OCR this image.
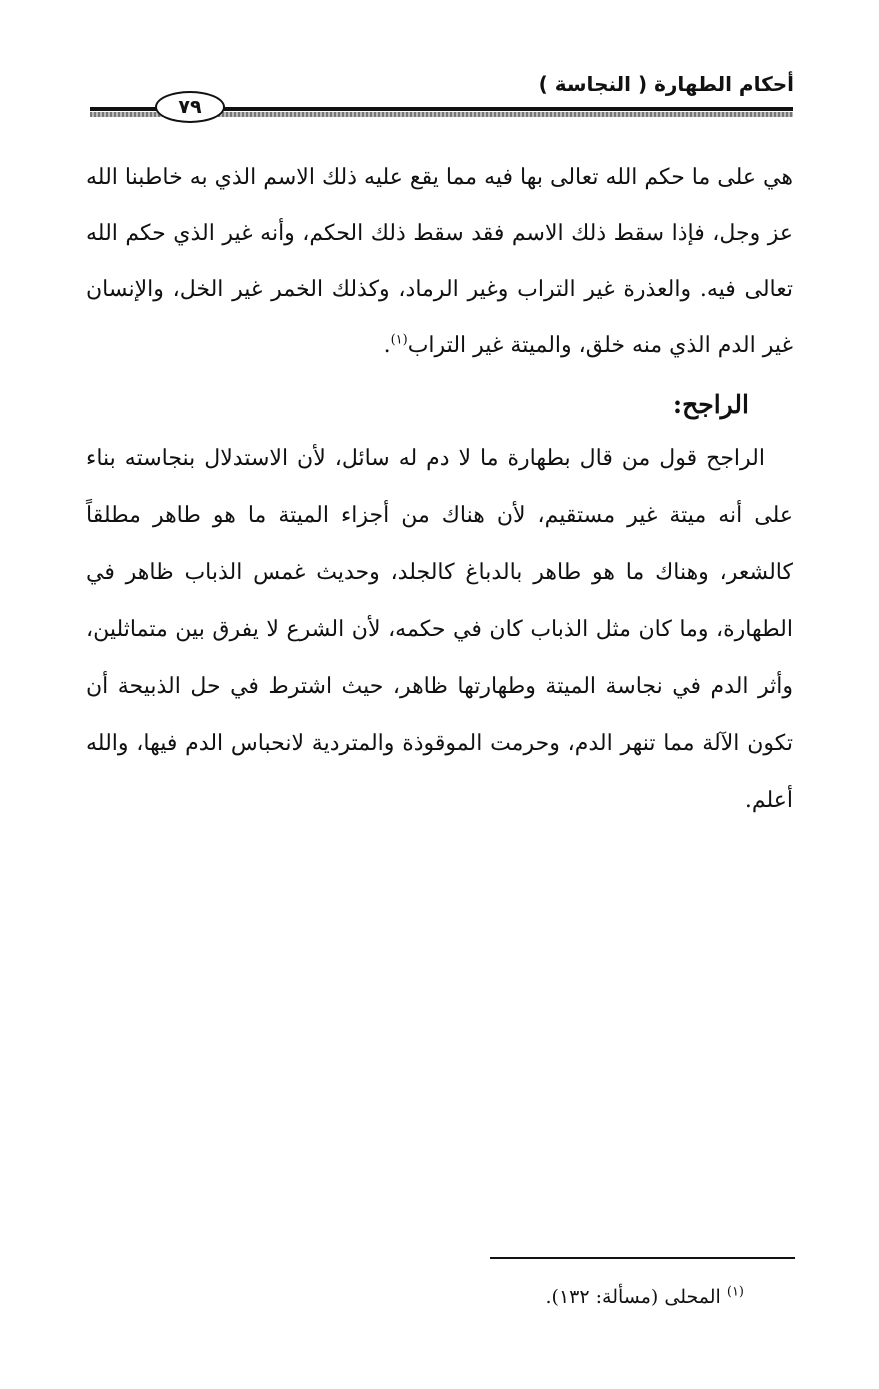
أحكام الطهارة ( النجاسة )
٧٩

هي على ما حكم الله تعالى بها فيه مما يقع عليه ذلك الاسم الذي به خاطبنا الله عز وجل، فإذا سقط ذلك الاسم فقد سقط ذلك الحكم، وأنه غير الذي حكم الله تعالى فيه. والعذرة غير التراب وغير الرماد، وكذلك الخمر غير الخل، والإنسان غير الدم الذي منه خلق، والميتة غير التراب$^{(١)}$.

الراجح:

الراجح قول من قال بطهارة ما لا دم له سائل، لأن الاستدلال بنجاسته بناء على أنه ميتة غير مستقيم، لأن هناك من أجزاء الميتة ما هو طاهر مطلقاً كالشعر، وهناك ما هو طاهر بالدباغ كالجلد، وحديث غمس الذباب ظاهر في الطهارة، وما كان مثل الذباب كان في حكمه، لأن الشرع لا يفرق بين متماثلين، وأثر الدم في نجاسة الميتة وطهارتها ظاهر، حيث اشترط في حل الذبيحة أن تكون الآلة مما تنهر الدم، وحرمت الموقوذة والمتردية لانحباس الدم فيها، والله أعلم.

$^{(١)}$ المحلى (مسألة: ١٣٢).
